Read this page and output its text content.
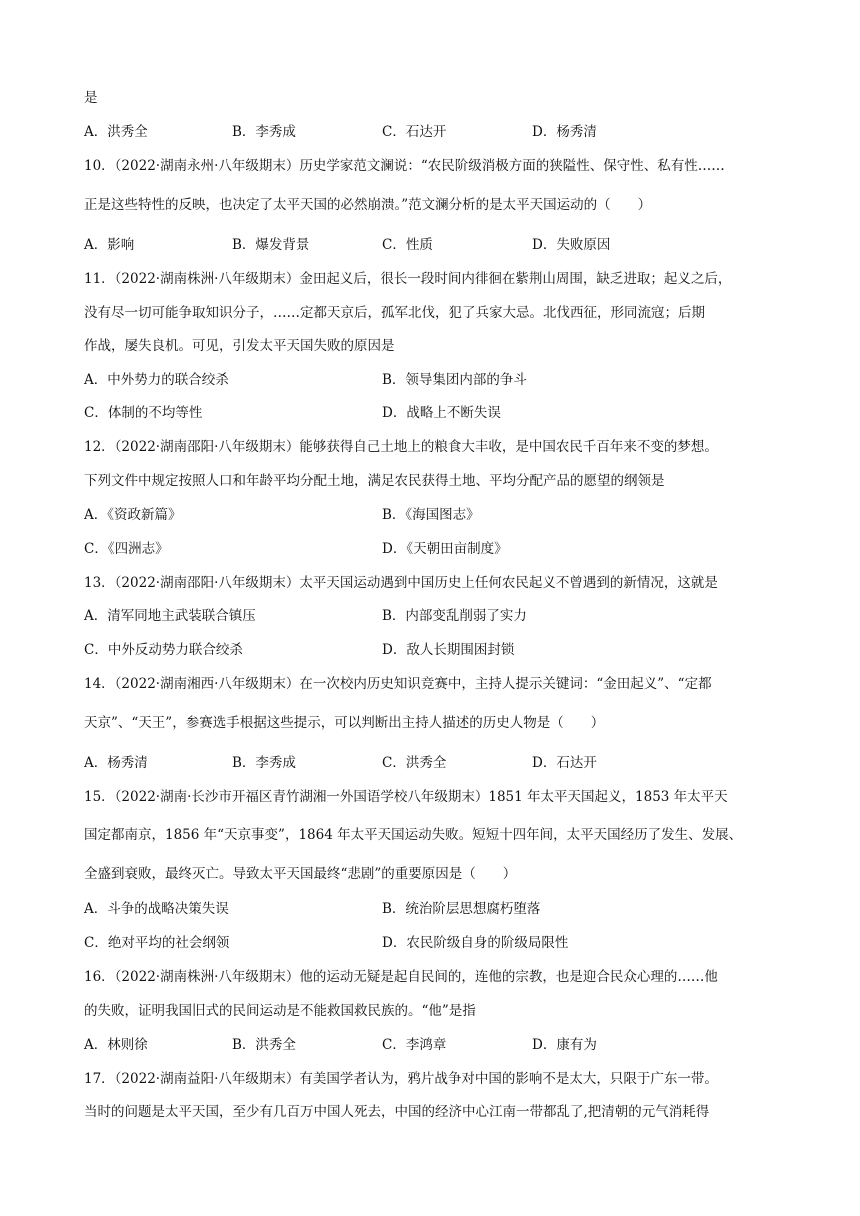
是
A．洪秀全	B．李秀成	C．石达开	D．杨秀清
10．（2022·湖南永州·八年级期末）历史学家范文澜说：“农民阶级消极方面的狭隘性、保守性、私有性……
正是这些特性的反映，也决定了太平天国的必然崩溃。”范文澜分析的是太平天国运动的（　　）
A．影响	B．爆发背景	C．性质	D．失败原因
11．（2022·湖南株洲·八年级期末）金田起义后，很长一段时间内徘徊在紫荆山周围，缺乏进取；起义之后，
没有尽一切可能争取知识分子，……定都天京后，孤军北伐，犯了兵家大忌。北伐西征，形同流寇；后期
作战，屡失良机。可见，引发太平天国失败的原因是
A．中外势力的联合绞杀	B．领导集团内部的争斗
C．体制的不均等性	D．战略上不断失误
12．（2022·湖南邵阳·八年级期末）能够获得自己土地上的粮食大丰收，是中国农民千百年来不变的梦想。
下列文件中规定按照人口和年龄平均分配土地，满足农民获得土地、平均分配产品的愿望的纲领是
A．《资政新篇》	B．《海国图志》
C．《四洲志》	D．《天朝田亩制度》
13．（2022·湖南邵阳·八年级期末）太平天国运动遇到中国历史上任何农民起义不曾遇到的新情况，这就是
A．清军同地主武装联合镇压	B．内部变乱削弱了实力
C．中外反动势力联合绞杀	D．敌人长期围困封锁
14．（2022·湖南湘西·八年级期末）在一次校内历史知识竞赛中，主持人提示关键词：“金田起义”、“定都
天京”、“天王”，参赛选手根据这些提示，可以判断出主持人描述的历史人物是（　　）
A．杨秀清	B．李秀成	C．洪秀全	D．石达开
15．（2022·湖南·长沙市开福区青竹湖湘一外国语学校八年级期末）1851 年太平天国起义，1853 年太平天
国定都南京，1856 年“天京事变”，1864 年太平天国运动失败。短短十四年间，太平天国经历了发生、发展、
全盛到衰败，最终灭亡。导致太平天国最终“悲剧”的重要原因是（　　）
A．斗争的战略决策失误	B．统治阶层思想腐朽堕落
C．绝对平均的社会纲领	D．农民阶级自身的阶级局限性
16．（2022·湖南株洲·八年级期末）他的运动无疑是起自民间的，连他的宗教，也是迎合民众心理的……他
的失败，证明我国旧式的民间运动是不能救国救民族的。“他”是指
A．林则徐	B．洪秀全	C．李鸿章	D．康有为
17．（2022·湖南益阳·八年级期末）有美国学者认为，鸦片战争对中国的影响不是太大，只限于广东一带。
当时的问题是太平天国，至少有几百万中国人死去，中国的经济中心江南一带都乱了,把清朝的元气消耗得
